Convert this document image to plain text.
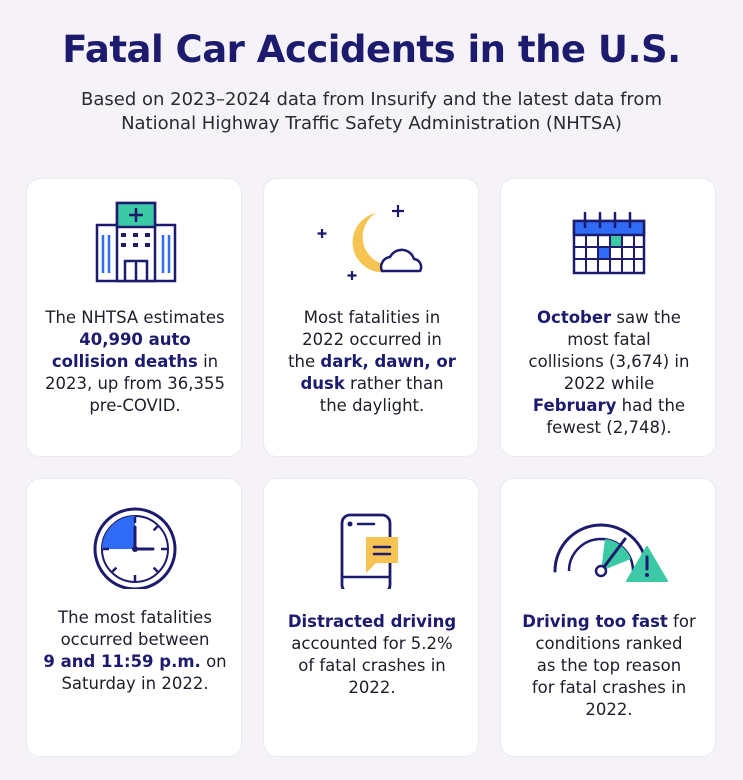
Fatal Car Accidents in the U.S.
Based on 2023–2024 data from Insurify and the latest data from
National Highway Traffic Safety Administration (NHTSA)
The NHTSA estimates
40,990 auto
collision deaths in
2023, up from 36,355
pre-COVID.
Most fatalities in
2022 occurred in
the dark, dawn, or
dusk rather than
the daylight.
October saw the
most fatal
collisions (3,674) in
2022 while
February had the
fewest (2,748).
The most fatalities
occurred between
9 and 11:59 p.m. on
Saturday in 2022.
Distracted driving
accounted for 5.2%
of fatal crashes in
2022.
Driving too fast for
conditions ranked
as the top reason
for fatal crashes in
2022.
